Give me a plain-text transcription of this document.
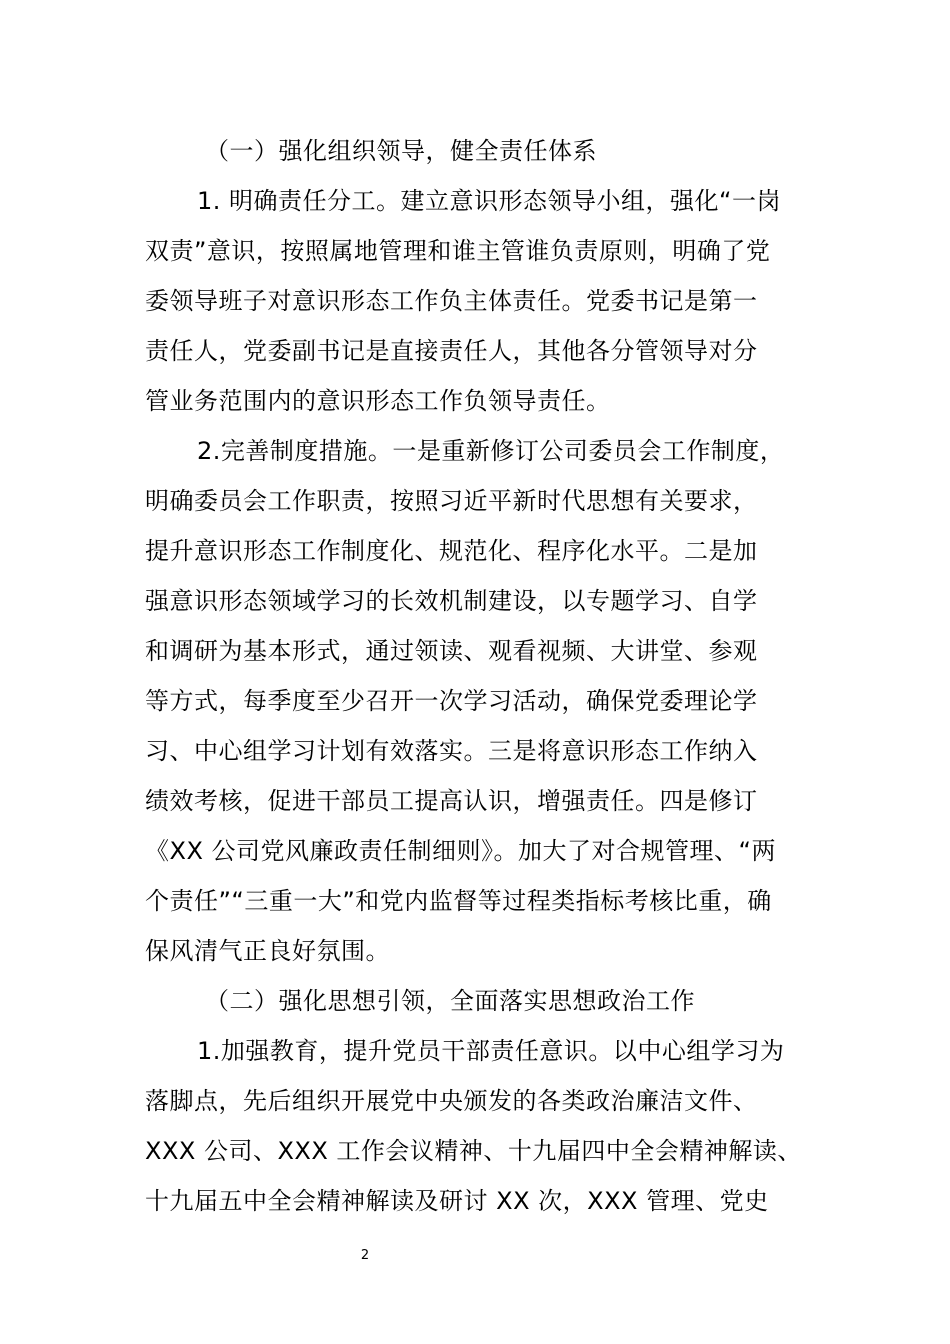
（一）强化组织领导，健全责任体系
1. 明确责任分工。建立意识形态领导小组，强化“一岗
双责”意识，按照属地管理和谁主管谁负责原则，明确了党
委领导班子对意识形态工作负主体责任。党委书记是第一
责任人，党委副书记是直接责任人，其他各分管领导对分
管业务范围内的意识形态工作负领导责任。
2.完善制度措施。一是重新修订公司委员会工作制度，
明确委员会工作职责，按照习近平新时代思想有关要求，
提升意识形态工作制度化、规范化、程序化水平。二是加
强意识形态领域学习的长效机制建设，以专题学习、自学
和调研为基本形式，通过领读、观看视频、大讲堂、参观
等方式，每季度至少召开一次学习活动，确保党委理论学
习、中心组学习计划有效落实。三是将意识形态工作纳入
绩效考核，促进干部员工提高认识，增强责任。四是修订
《XX 公司党风廉政责任制细则》。加大了对合规管理、“两
个责任”“三重一大”和党内监督等过程类指标考核比重，确
保风清气正良好氛围。
（二）强化思想引领，全面落实思想政治工作
1.加强教育，提升党员干部责任意识。以中心组学习为
落脚点，先后组织开展党中央颁发的各类政治廉洁文件、
XXX 公司、XXX 工作会议精神、十九届四中全会精神解读、
十九届五中全会精神解读及研讨 XX 次，XXX 管理、党史
2
